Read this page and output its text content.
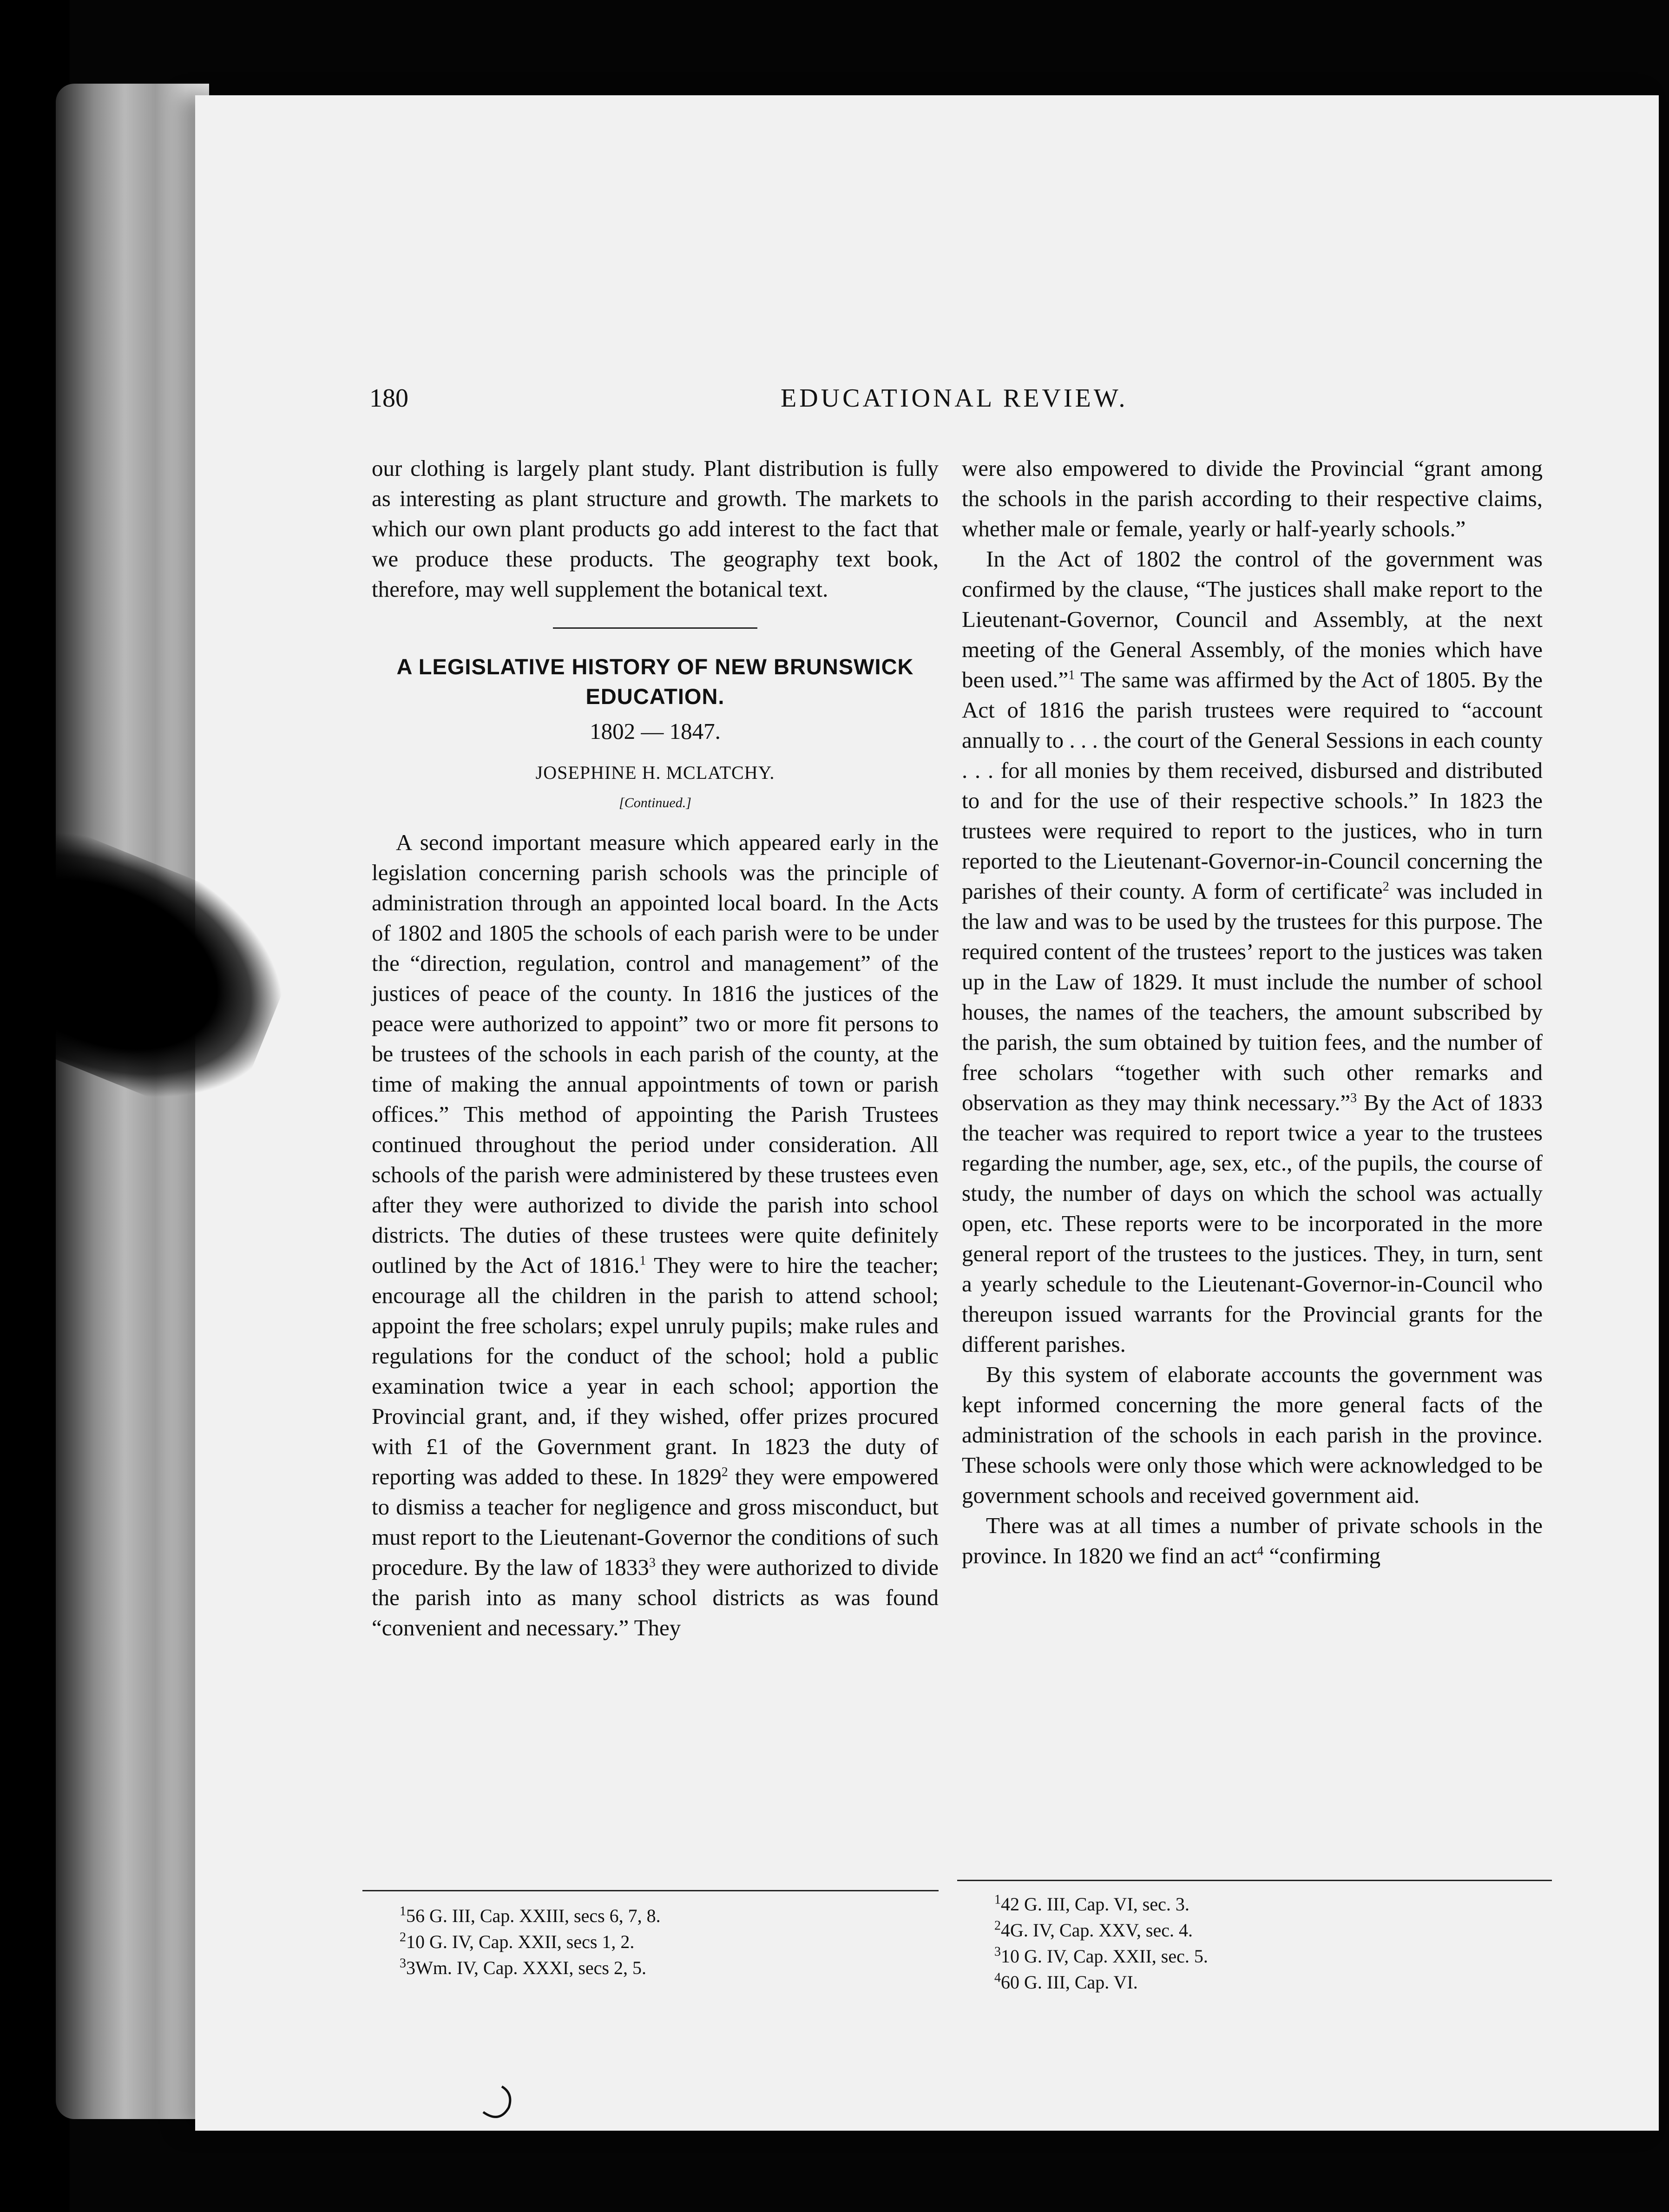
180	EDUCATIONAL REVIEW.

our clothing is largely plant study. Plant distribution is fully as interesting as plant structure and growth. The markets to which our own plant products go add interest to the fact that we produce these products. The geography text book, therefore, may well supplement the botanical text.

A LEGISLATIVE HISTORY OF NEW BRUNSWICK EDUCATION.
1802 — 1847.

JOSEPHINE H. MCLATCHY.

[Continued.]

A second important measure which appeared early in the legislation concerning parish schools was the principle of administration through an appointed local board. In the Acts of 1802 and 1805 the schools of each parish were to be under the “direction, regulation, control and management” of the justices of peace of the county. In 1816 the justices of the peace were authorized to appoint” two or more fit persons to be trustees of the schools in each parish of the county, at the time of making the annual appointments of town or parish offices.” This method of appointing the Parish Trustees continued throughout the period under consideration. All schools of the parish were administered by these trustees even after they were authorized to divide the parish into school districts. The duties of these trustees were quite definitely outlined by the Act of 1816.$^1$ They were to hire the teacher; encourage all the children in the parish to attend school; appoint the free scholars; expel unruly pupils; make rules and regulations for the conduct of the school; hold a public examination twice a year in each school; apportion the Provincial grant, and, if they wished, offer prizes procured with £1 of the Government grant. In 1823 the duty of reporting was added to these. In 1829$^2$ they were empowered to dismiss a teacher for negligence and gross misconduct, but must report to the Lieutenant-Governor the conditions of such procedure. By the law of 1833$^3$ they were authorized to divide the parish into as many school districts as was found “convenient and necessary.” They

$^1$56 G. III, Cap. XXIII, secs 6, 7, 8.

$^2$10 G. IV, Cap. XXII, secs 1, 2.

$^3$3Wm. IV, Cap. XXXI, secs 2, 5.

were also empowered to divide the Provincial “grant among the schools in the parish according to their respective claims, whether male or female, yearly or half-yearly schools.”

In the Act of 1802 the control of the government was confirmed by the clause, “The justices shall make report to the Lieutenant-Governor, Council and Assembly, at the next meeting of the General Assembly, of the monies which have been used.”$^1$ The same was affirmed by the Act of 1805. By the Act of 1816 the parish trustees were required to “account annually to . . . the court of the General Sessions in each county . . . for all monies by them received, disbursed and distributed to and for the use of their respective schools.” In 1823 the trustees were required to report to the justices, who in turn reported to the Lieutenant-Governor-in-Council concerning the parishes of their county. A form of certificate$^2$ was included in the law and was to be used by the trustees for this purpose. The required content of the trustees’ report to the justices was taken up in the Law of 1829. It must include the number of school houses, the names of the teachers, the amount subscribed by the parish, the sum obtained by tuition fees, and the number of free scholars “together with such other remarks and observation as they may think necessary.”$^3$ By the Act of 1833 the teacher was required to report twice a year to the trustees regarding the number, age, sex, etc., of the pupils, the course of study, the number of days on which the school was actually open, etc. These reports were to be incorporated in the more general report of the trustees to the justices. They, in turn, sent a yearly schedule to the Lieutenant-Governor-in-Council who thereupon issued warrants for the Provincial grants for the different parishes.

By this system of elaborate accounts the government was kept informed concerning the more general facts of the administration of the schools in each parish in the province. These schools were only those which were acknowledged to be government schools and received government aid.

There was at all times a number of private schools in the province. In 1820 we find an act$^4$ “confirming

$^1$42 G. III, Cap. VI, sec. 3.

$^2$4G. IV, Cap. XXV, sec. 4.

$^3$10 G. IV, Cap. XXII, sec. 5.

$^4$60 G. III, Cap. VI.
